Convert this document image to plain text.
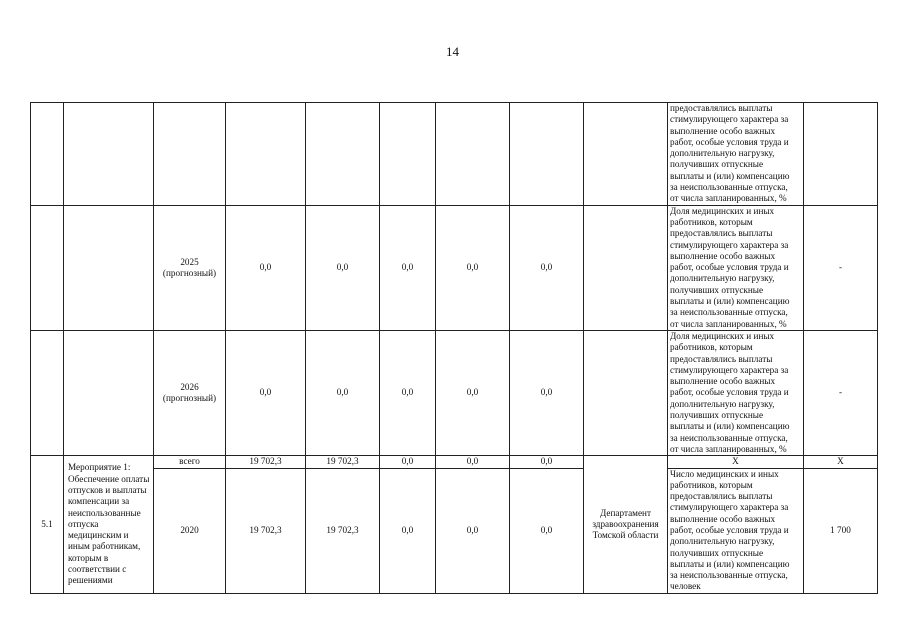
14

									предоставлялись выплаты стимулирующего характера за выполнение особо важных работ, особые условия труда и дополнительную нагрузку, получивших отпускные выплаты и (или) компенсацию за неиспользованные отпуска, от числа запланированных, %	

		2025 (прогнозный)	0,0	0,0	0,0	0,0	0,0		Доля медицинских и иных работников, которым предоставлялись выплаты стимулирующего характера за выполнение особо важных работ, особые условия труда и дополнительную нагрузку, получивших отпускные выплаты и (или) компенсацию за неиспользованные отпуска, от числа запланированных, %	-
		2026 (прогнозный)	0,0	0,0	0,0	0,0	0,0		Доля медицинских и иных работников, которым предоставлялись выплаты стимулирующего характера за выполнение особо важных работ, особые условия труда и дополнительную нагрузку, получивших отпускные выплаты и (или) компенсацию за неиспользованные отпуска, от числа запланированных, %	-
5.1	Мероприятие 1: Обеспечение оплаты отпусков и выплаты компенсации за неиспользованные отпуска медицинским и иным работникам, которым в соответствии с решениями	всего	19 702,3	19 702,3	0,0	0,0	0,0	Департамент здравоохранения Томской области	X	X
		2020	19 702,3	19 702,3	0,0	0,0	0,0		Число медицинских и иных работников, которым предоставлялись выплаты стимулирующего характера за выполнение особо важных работ, особые условия труда и дополнительную нагрузку, получивших отпускные выплаты и (или) компенсацию за неиспользованные отпуска, человек	1 700
